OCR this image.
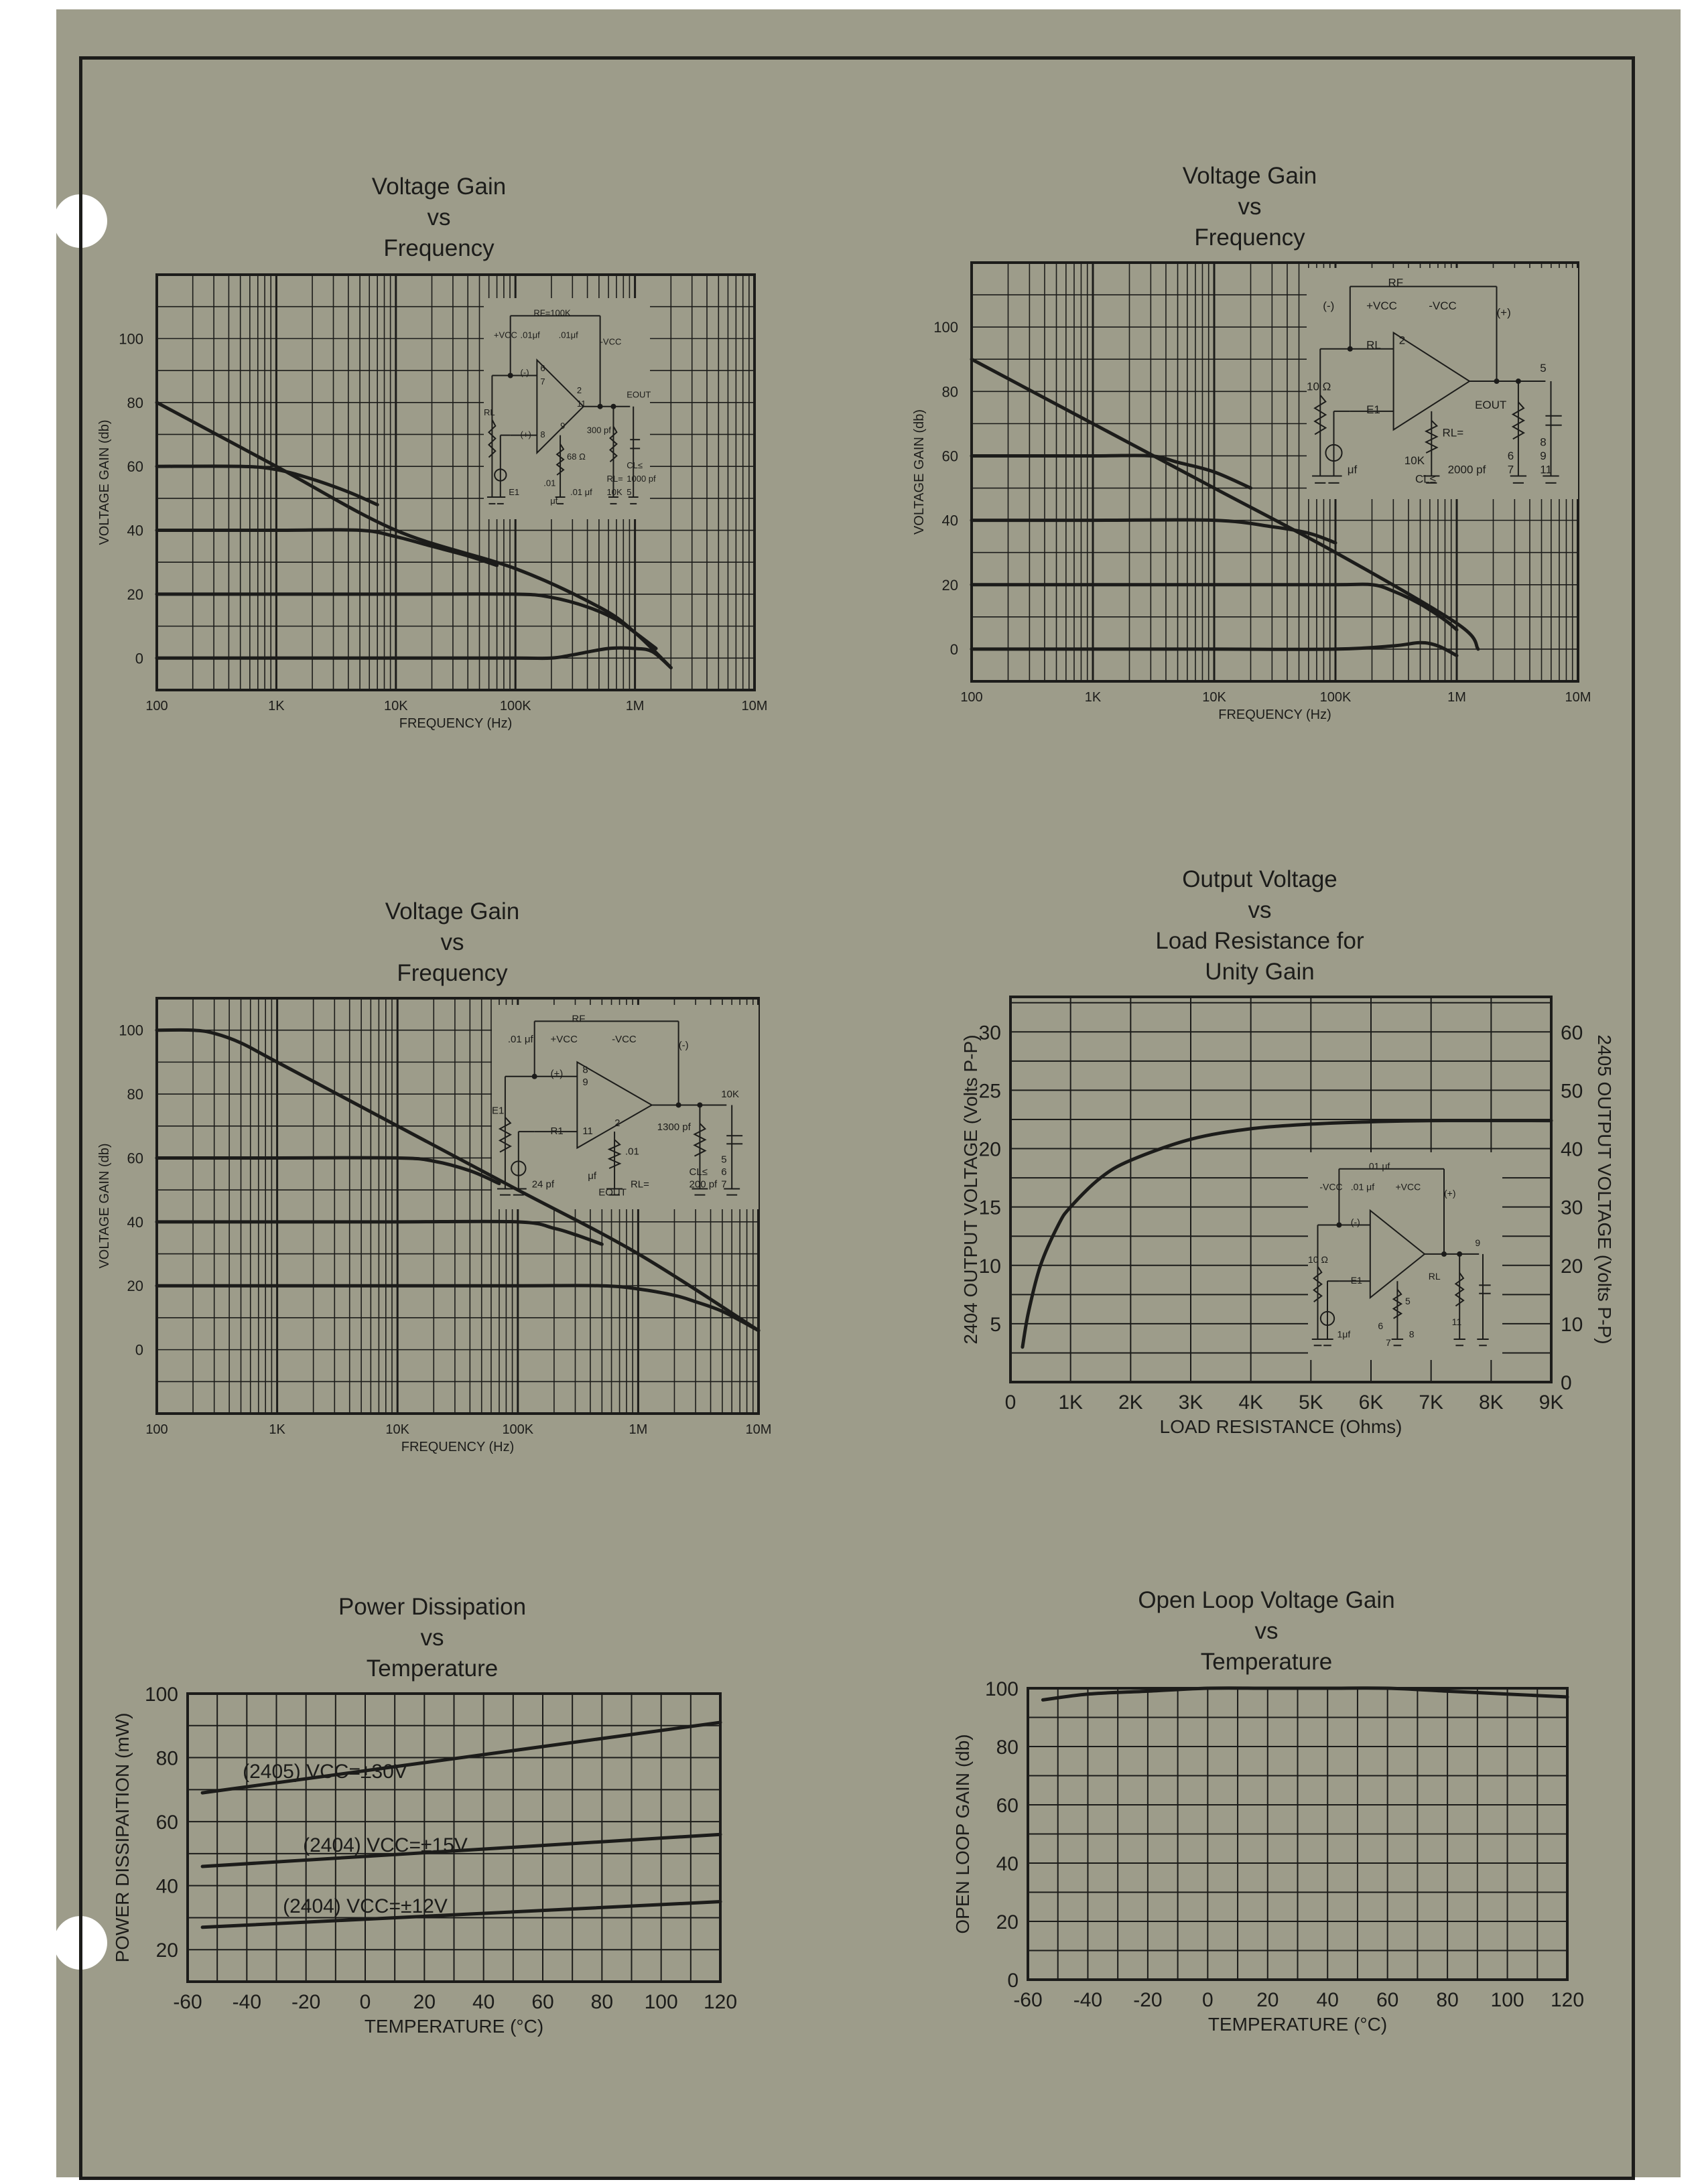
Voltage Gain
vs
Frequency
RF=100K
.01μf .01μf
+VCC
-VCC
(-)
(+)
RL
E1
300 pf
68 Ω
.01
μf
.01 μf
EOUT
RL=
10K
CL≤
1000 pf
5
6
7
8
9
11
2
100	1K	10K	100K	1M	10M
0
20
40
60
80
100
FREQUENCY (Hz)
VOLTAGE GAIN (db)
Voltage Gain
vs
Frequency
RF
+VCC	-VCC
(-)
(+)
RL
E1
10 Ω
μf
EOUT
RL=
10K
CL≤
2000 pf
5
6
7
8
9
11
2
100	1K	10K	100K	1M	10M
0
20
40
60
80
100
FREQUENCY (Hz)
VOLTAGE GAIN (db)
Voltage Gain
vs
Frequency
RF
+VCC	-VCC
.01 μf
(-)
(+)
R1
E1
24 pf
1300 pf
.01
μf
EOUT
RL=
10K
CL≤
200 pf
5
6
7
8
9
11
2
100	1K	10K	100K	1M	10M
0
20
40
60
80
100
FREQUENCY (Hz)
VOLTAGE GAIN (db)
Output Voltage
vs
Load Resistance for
Unity Gain
.01 μf
.01 μf +VCC
-VCC
(+)
(-)
E1
10 Ω
1μf
RL
5
6
7
8
9
11
0 1K 2K 3K 4K 5K 6K 7K 8K 9K
5
10
15
20
25
30
0
10
20
30
40
50
60
LOAD RESISTANCE (Ohms)
2404 OUTPUT VOLTAGE (Volts P-P)	2405 OUTPUT VOLTAGE (Volts P-P)
Power Dissipation
vs
Temperature
-60 -40 -20 0 20 40 60 80 100 120
20
40
60
80
100
TEMPERATURE (°C)
POWER DISSIPAITION (mW)	(2405) VCC=±30V
(2404) VCC=±15V
(2404) VCC=±12V
Open Loop Voltage Gain
vs
Temperature
-60 -40 -20 0 20 40 60 80 100 120
0
20
40
60
80
100
TEMPERATURE (°C)
OPEN LOOP GAIN (db)
